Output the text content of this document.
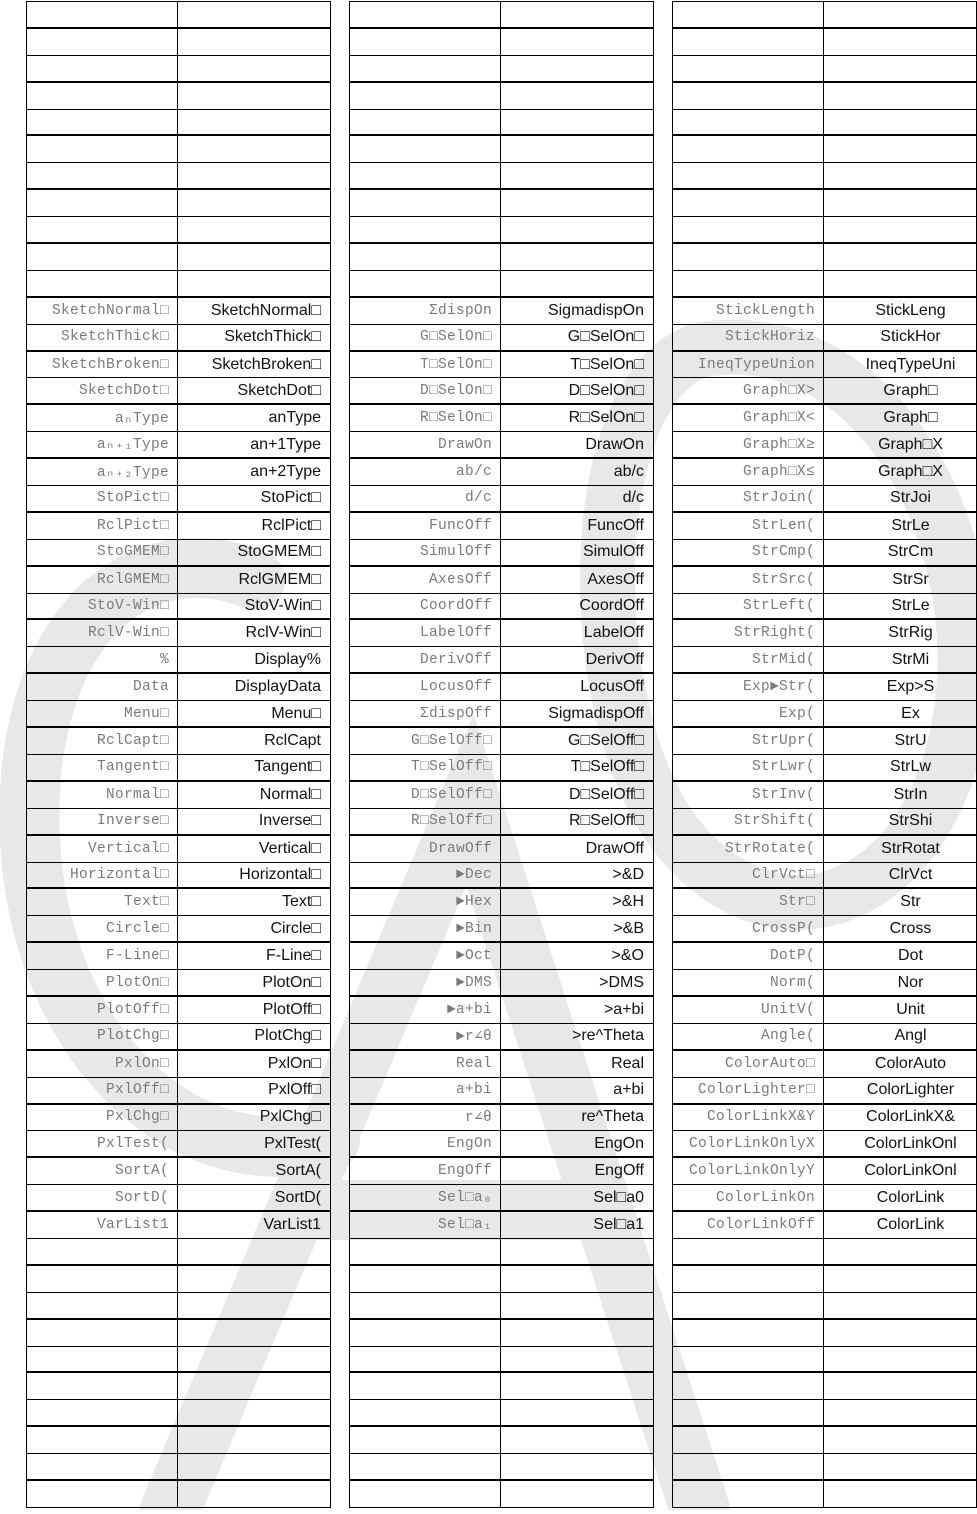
SketchNormal□	SketchNormal□
SketchThick□	SketchThick□
SketchBroken□	SketchBroken□
SketchDot□	SketchDot□
aₙType	anType
aₙ₊₁Type	an+1Type
aₙ₊₂Type	an+2Type
StoPict□	StoPict□
RclPict□	RclPict□
StoGMEM□	StoGMEM□
RclGMEM□	RclGMEM□
StoV-Win□	StoV-Win□
RclV-Win□	RclV-Win□
%	Display%
Data	DisplayData
Menu□	Menu□
RclCapt□	RclCapt
Tangent□	Tangent□
Normal□	Normal□
Inverse□	Inverse□
Vertical□	Vertical□
Horizontal□	Horizontal□
Text□	Text□
Circle□	Circle□
F-Line□	F-Line□
PlotOn□	PlotOn□
PlotOff□	PlotOff□
PlotChg□	PlotChg□
PxlOn□	PxlOn□
PxlOff□	PxlOff□
PxlChg□	PxlChg□
PxlTest(	PxlTest(
SortA(	SortA(
SortD(	SortD(
VarList1	VarList1
ΣdispOn	SigmadispOn
G□SelOn□	G□SelOn□
T□SelOn□	T□SelOn□
D□SelOn□	D□SelOn□
R□SelOn□	R□SelOn□
DrawOn	DrawOn
ab/c	ab/c
d/c	d/c
FuncOff	FuncOff
SimulOff	SimulOff
AxesOff	AxesOff
CoordOff	CoordOff
LabelOff	LabelOff
DerivOff	DerivOff
LocusOff	LocusOff
ΣdispOff	SigmadispOff
G□SelOff□	G□SelOff□
T□SelOff□	T□SelOff□
D□SelOff□	D□SelOff□
R□SelOff□	R□SelOff□
DrawOff	DrawOff
►Dec	>&D
►Hex	>&H
►Bin	>&B
►Oct	>&O
►DMS	>DMS
►a+bi	>a+bi
►r∠θ	>re^Theta
Real	Real
a+bi	a+bi
r∠θ	re^Theta
EngOn	EngOn
EngOff	EngOff
Sel□a₀	Sel□a0
Sel□a₁	Sel□a1
StickLength	StickLeng
StickHoriz	StickHor
IneqTypeUnion	IneqTypeUni
Graph□X>	Graph□
Graph□X<	Graph□
Graph□X≥	Graph□X
Graph□X≤	Graph□X
StrJoin(	StrJoi
StrLen(	StrLe
StrCmp(	StrCm
StrSrc(	StrSr
StrLeft(	StrLe
StrRight(	StrRig
StrMid(	StrMi
Exp►Str(	Exp>S
Exp(	Ex
StrUpr(	StrU
StrLwr(	StrLw
StrInv(	StrIn
StrShift(	StrShi
StrRotate(	StrRotat
ClrVct□	ClrVct
Str□	Str
CrossP(	Cross
DotP(	Dot
Norm(	Nor
UnitV(	Unit
Angle(	Angl
ColorAuto□	ColorAuto
ColorLighter□	ColorLighter
ColorLinkX&Y	ColorLinkX&
ColorLinkOnlyX	ColorLinkOnl
ColorLinkOnlyY	ColorLinkOnl
ColorLinkOn	ColorLink
ColorLinkOff	ColorLink
